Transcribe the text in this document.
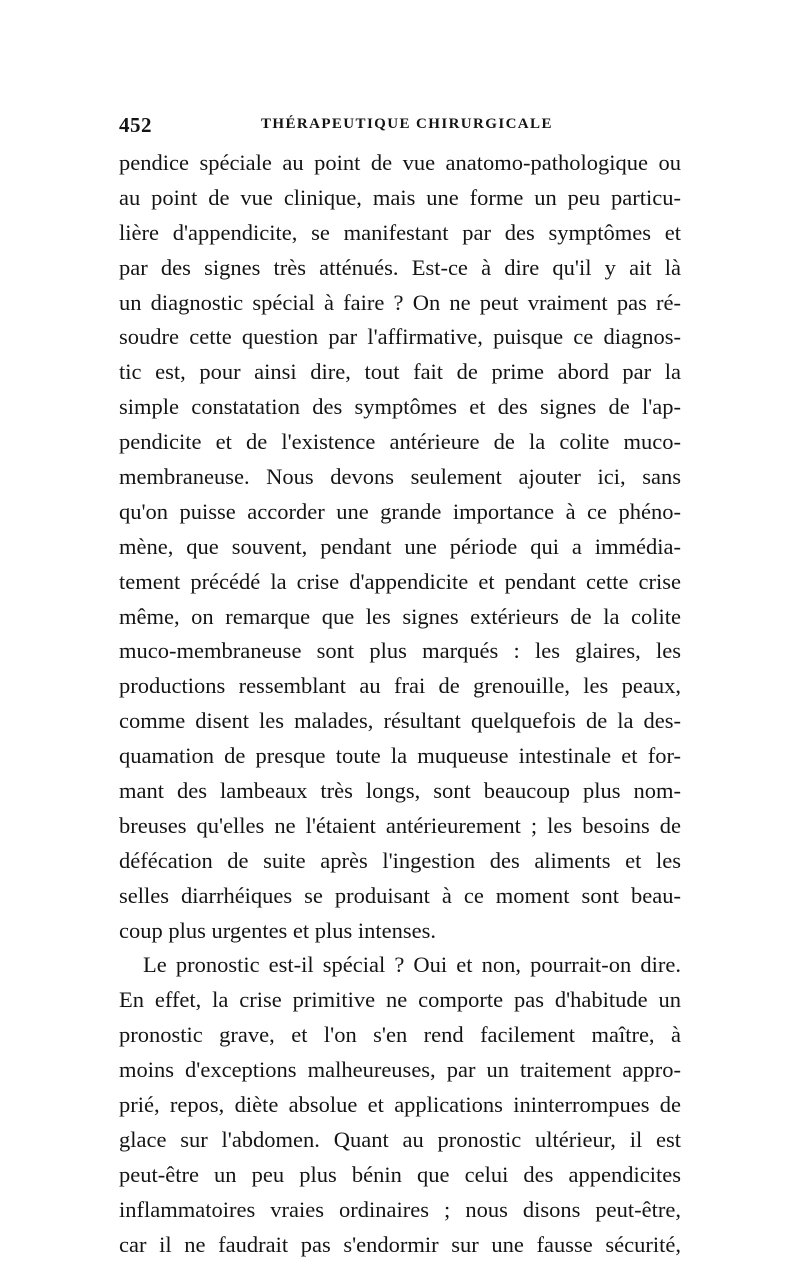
452	THÉRAPEUTIQUE CHIRURGICALE
pendice spéciale au point de vue anatomo-pathologique ou
au point de vue clinique, mais une forme un peu particu-
lière d'appendicite, se manifestant par des symptômes et
par des signes très atténués. Est-ce à dire qu'il y ait là
un diagnostic spécial à faire ? On ne peut vraiment pas ré-
soudre cette question par l'affirmative, puisque ce diagnos-
tic est, pour ainsi dire, tout fait de prime abord par la
simple constatation des symptômes et des signes de l'ap-
pendicite et de l'existence antérieure de la colite muco-
membraneuse. Nous devons seulement ajouter ici, sans
qu'on puisse accorder une grande importance à ce phéno-
mène, que souvent, pendant une période qui a immédia-
tement précédé la crise d'appendicite et pendant cette crise
même, on remarque que les signes extérieurs de la colite
muco-membraneuse sont plus marqués : les glaires, les
productions ressemblant au frai de grenouille, les peaux,
comme disent les malades, résultant quelquefois de la des-
quamation de presque toute la muqueuse intestinale et for-
mant des lambeaux très longs, sont beaucoup plus nom-
breuses qu'elles ne l'étaient antérieurement ; les besoins de
défécation de suite après l'ingestion des aliments et les
selles diarrhéiques se produisant à ce moment sont beau-
coup plus urgentes et plus intenses.
Le pronostic est-il spécial ? Oui et non, pourrait-on dire.
En effet, la crise primitive ne comporte pas d'habitude un
pronostic grave, et l'on s'en rend facilement maître, à
moins d'exceptions malheureuses, par un traitement appro-
prié, repos, diète absolue et applications ininterrompues de
glace sur l'abdomen. Quant au pronostic ultérieur, il est
peut-être un peu plus bénin que celui des appendicites
inflammatoires vraies ordinaires ; nous disons peut-être,
car il ne faudrait pas s'endormir sur une fausse sécurité,
